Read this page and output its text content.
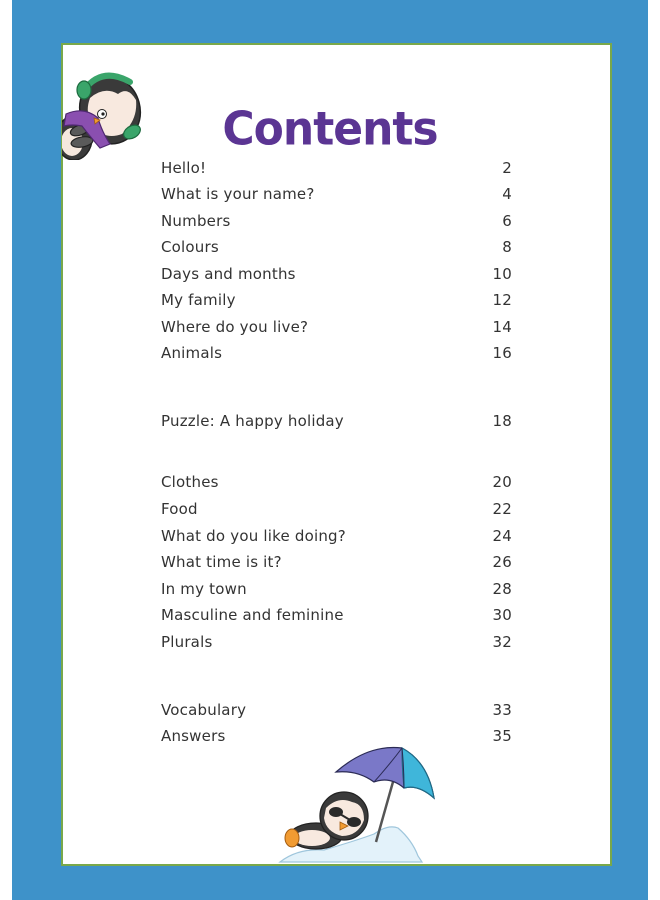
Contents
Hello!	2
What is your name?	4
Numbers	6
Colours	8
Days and months	10
My family	12
Where do you live?	14
Animals	16
Puzzle: A happy holiday	18
Clothes	20
Food	22
What do you like doing?	24
What time is it?	26
In my town	28
Masculine and feminine	30
Plurals	32
Vocabulary	33
Answers	35
